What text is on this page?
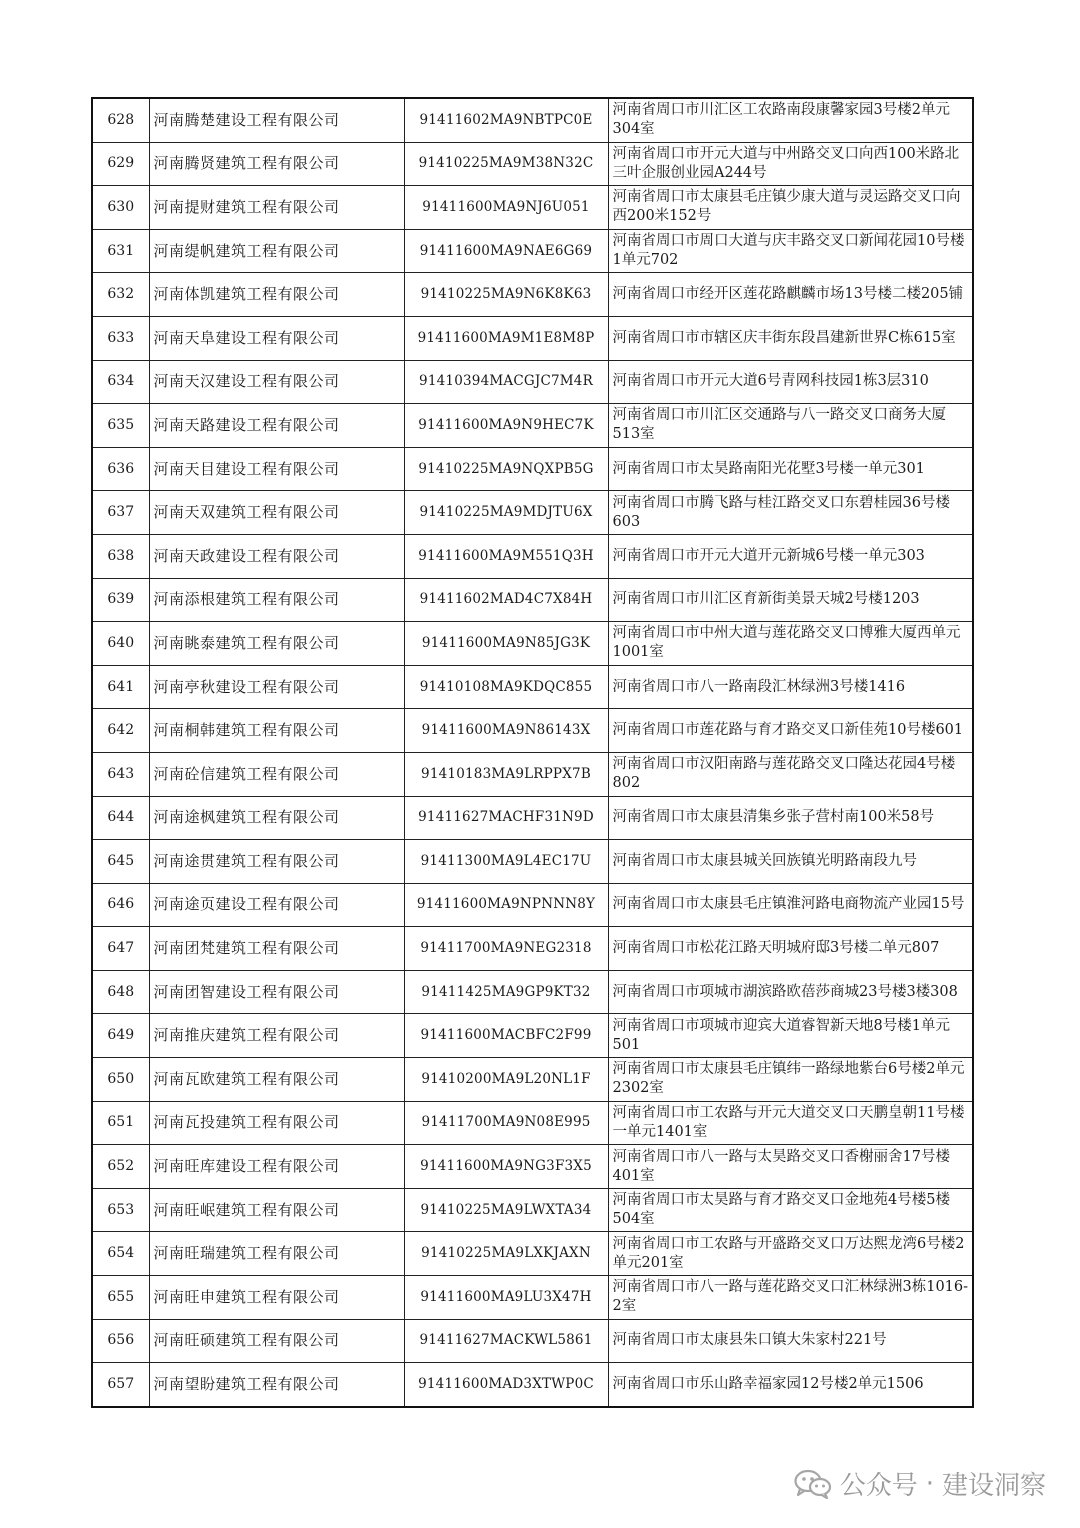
628	河南腾楚建设工程有限公司	91411602MA9NBTPC0E	河南省周口市川汇区工农路南段康馨家园3号楼2单元304室
629	河南腾贤建筑工程有限公司	91410225MA9M38N32C	河南省周口市开元大道与中州路交叉口向西100米路北三叶企服创业园A244号
630	河南提财建筑工程有限公司	91411600MA9NJ6U051	河南省周口市太康县毛庄镇少康大道与灵运路交叉口向西200米152号
631	河南缇帆建筑工程有限公司	91411600MA9NAE6G69	河南省周口市周口大道与庆丰路交叉口新闻花园10号楼1单元702
632	河南体凯建筑工程有限公司	91410225MA9N6K8K63	河南省周口市经开区莲花路麒麟市场13号楼二楼205铺
633	河南天阜建设工程有限公司	91411600MA9M1E8M8P	河南省周口市市辖区庆丰街东段昌建新世界C栋615室
634	河南天汉建设工程有限公司	91410394MACGJC7M4R	河南省周口市开元大道6号青网科技园1栋3层310
635	河南天路建设工程有限公司	91411600MA9N9HEC7K	河南省周口市川汇区交通路与八一路交叉口商务大厦513室
636	河南天目建设工程有限公司	91410225MA9NQXPB5G	河南省周口市太昊路南阳光花墅3号楼一单元301
637	河南天双建筑工程有限公司	91410225MA9MDJTU6X	河南省周口市腾飞路与桂江路交叉口东碧桂园36号楼603
638	河南天政建设工程有限公司	91411600MA9M551Q3H	河南省周口市开元大道开元新城6号楼一单元303
639	河南添根建筑工程有限公司	91411602MAD4C7X84H	河南省周口市川汇区育新街美景天城2号楼1203
640	河南眺泰建筑工程有限公司	91411600MA9N85JG3K	河南省周口市中州大道与莲花路交叉口博雅大厦西单元1001室
641	河南亭秋建设工程有限公司	91410108MA9KDQC855	河南省周口市八一路南段汇林绿洲3号楼1416
642	河南桐韩建筑工程有限公司	91411600MA9N86143X	河南省周口市莲花路与育才路交叉口新佳苑10号楼601
643	河南砼信建筑工程有限公司	91410183MA9LRPPX7B	河南省周口市汉阳南路与莲花路交叉口隆达花园4号楼802
644	河南途枫建筑工程有限公司	91411627MACHF31N9D	河南省周口市太康县清集乡张子营村南100米58号
645	河南途贯建筑工程有限公司	91411300MA9L4EC17U	河南省周口市太康县城关回族镇光明路南段九号
646	河南途页建设工程有限公司	91411600MA9NPNNN8Y	河南省周口市太康县毛庄镇淮河路电商物流产业园15号
647	河南团梵建筑工程有限公司	91411700MA9NEG2318	河南省周口市松花江路天明城府邸3号楼二单元807
648	河南团智建设工程有限公司	91411425MA9GP9KT32	河南省周口市项城市湖滨路欧蓓莎商城23号楼3楼308
649	河南推庆建筑工程有限公司	91411600MACBFC2F99	河南省周口市项城市迎宾大道睿智新天地8号楼1单元501
650	河南瓦欧建筑工程有限公司	91410200MA9L20NL1F	河南省周口市太康县毛庄镇纬一路绿地紫台6号楼2单元2302室
651	河南瓦投建筑工程有限公司	91411700MA9N08E995	河南省周口市工农路与开元大道交叉口天鹏皇朝11号楼一单元1401室
652	河南旺库建设工程有限公司	91411600MA9NG3F3X5	河南省周口市八一路与太昊路交叉口香榭丽舍17号楼401室
653	河南旺岷建筑工程有限公司	91410225MA9LWXTA34	河南省周口市太昊路与育才路交叉口金地苑4号楼5楼504室
654	河南旺瑞建筑工程有限公司	91410225MA9LXKJAXN	河南省周口市工农路与开盛路交叉口万达熙龙湾6号楼2单元201室
655	河南旺申建筑工程有限公司	91411600MA9LU3X47H	河南省周口市八一路与莲花路交叉口汇林绿洲3栋1016-2室
656	河南旺硕建筑工程有限公司	91411627MACKWL5861	河南省周口市太康县朱口镇大朱家村221号
657	河南望盼建筑工程有限公司	91411600MAD3XTWP0C	河南省周口市乐山路幸福家园12号楼2单元1506
公众号 · 建设洞察
